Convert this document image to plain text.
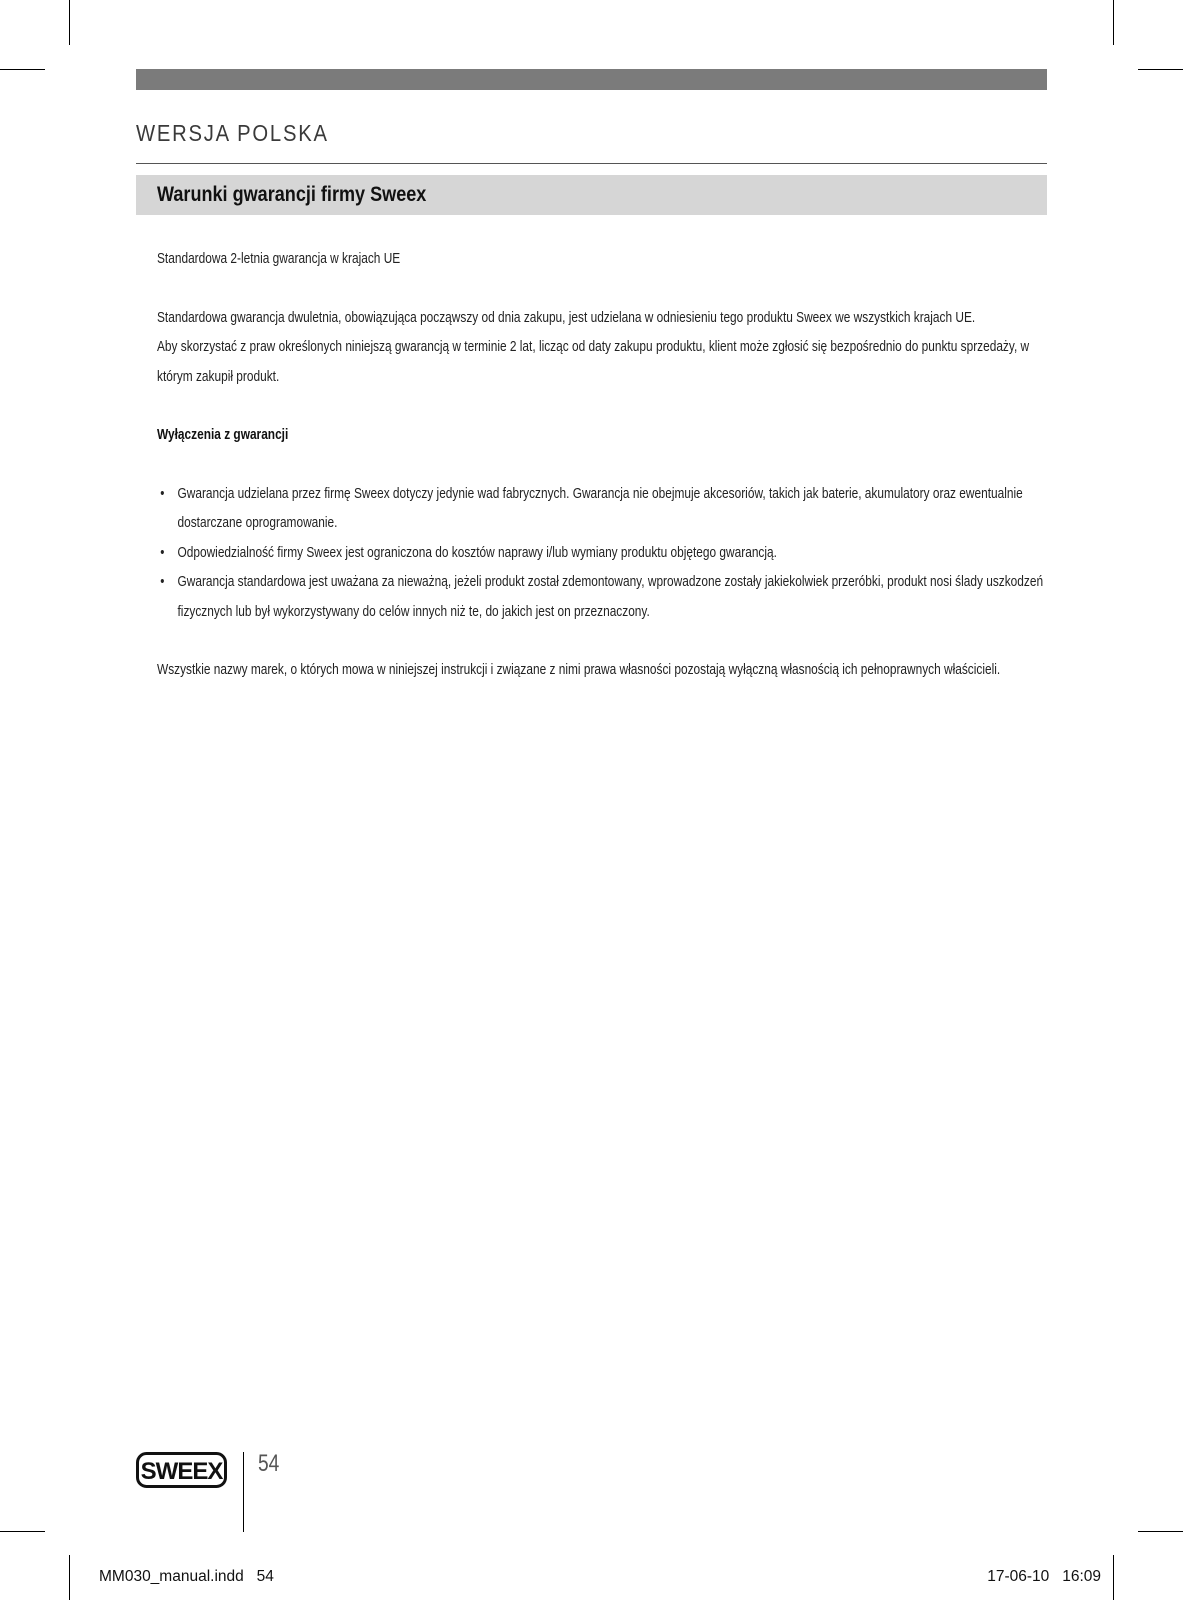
WERSJA POLSKA
Warunki gwarancji firmy Sweex

Standardowa 2-letnia gwarancja w krajach UE

Standardowa gwarancja dwuletnia, obowiązująca począwszy od dnia zakupu, jest udzielana w odniesieniu tego produktu Sweex we wszystkich krajach UE.

Aby skorzystać z praw określonych niniejszą gwarancją w terminie 2 lat, licząc od daty zakupu produktu, klient może zgłosić się bezpośrednio do punktu sprzedaży, w którym zakupił produkt.

Wyłączenia z gwarancji

• Gwarancja udzielana przez firmę Sweex dotyczy jedynie wad fabrycznych. Gwarancja nie obejmuje akcesoriów, takich jak baterie, akumulatory oraz ewentualnie dostarczane oprogramowanie.
• Odpowiedzialność firmy Sweex jest ograniczona do kosztów naprawy i/lub wymiany produktu objętego gwarancją.
• Gwarancja standardowa jest uważana za nieważną, jeżeli produkt został zdemontowany, wprowadzone zostały jakiekolwiek przeróbki, produkt nosi ślady uszkodzeń fizycznych lub był wykorzystywany do celów innych niż te, do jakich jest on przeznaczony.

Wszystkie nazwy marek, o których mowa w niniejszej instrukcji i związane z nimi prawa własności pozostają wyłączną własnością ich pełnoprawnych właścicieli.

SWEEX 54
MM030_manual.indd   54	17-06-10   16:09
